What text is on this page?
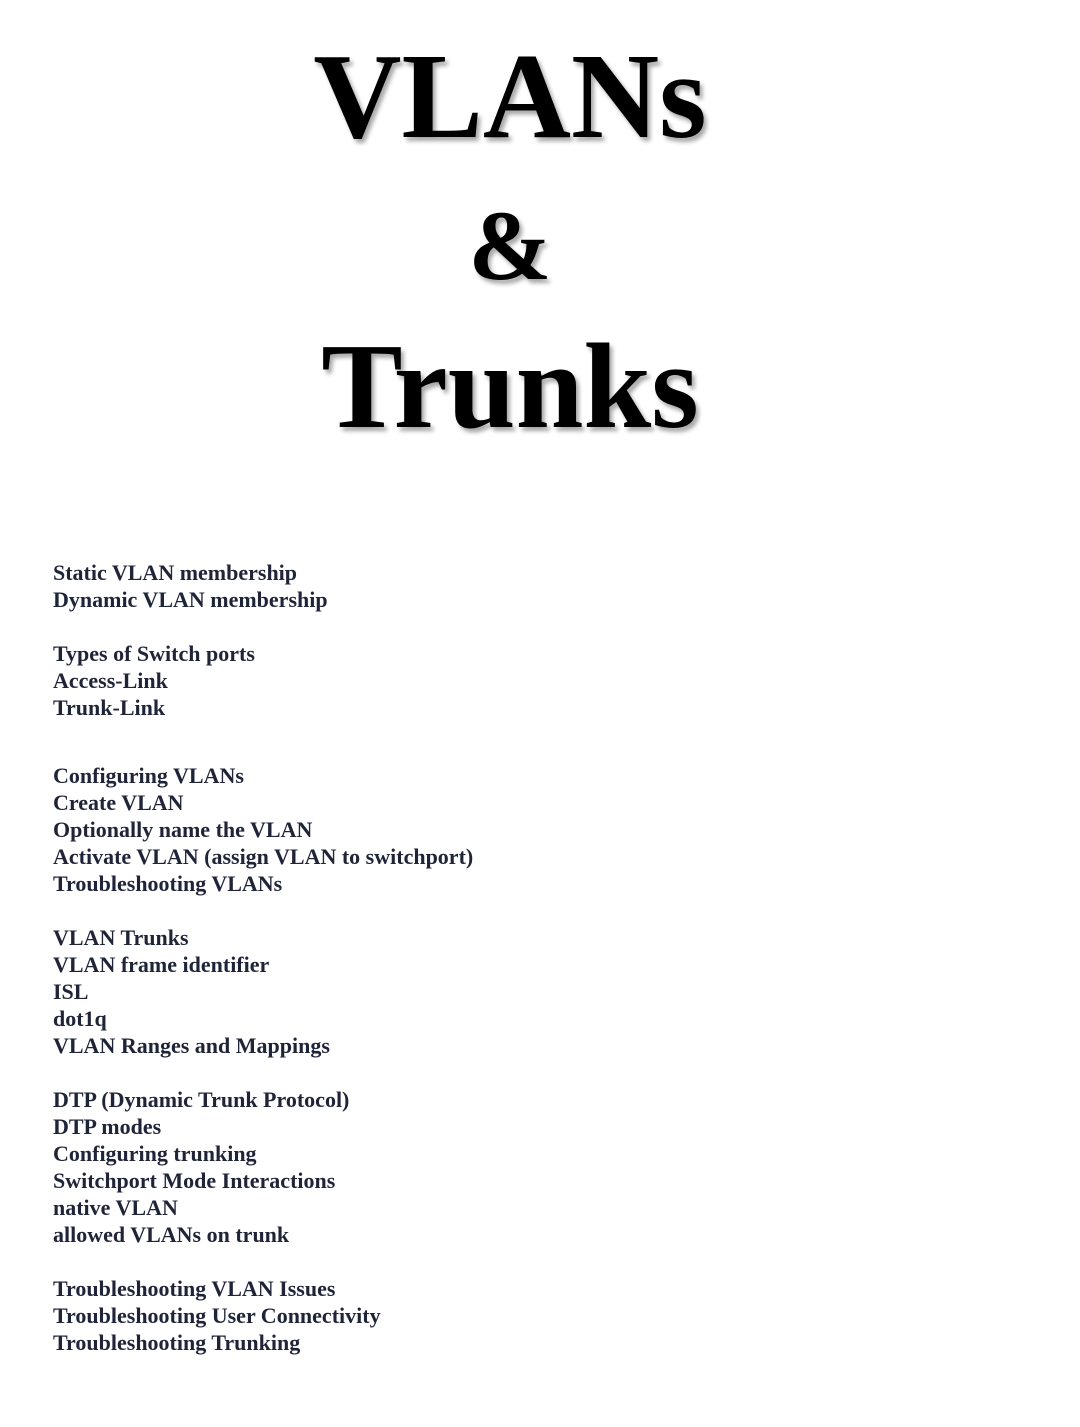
VLANs
&
Trunks
Static VLAN membership
Dynamic VLAN membership
Types of Switch ports
Access-Link
Trunk-Link
Configuring VLANs
Create VLAN
Optionally name the VLAN
Activate VLAN (assign VLAN to switchport)
Troubleshooting VLANs
VLAN Trunks
VLAN frame identifier
ISL
dot1q
VLAN Ranges and Mappings
DTP (Dynamic Trunk Protocol)
DTP modes
Configuring trunking
Switchport Mode Interactions
native VLAN
allowed VLANs on trunk
Troubleshooting VLAN Issues
Troubleshooting User Connectivity
Troubleshooting Trunking
